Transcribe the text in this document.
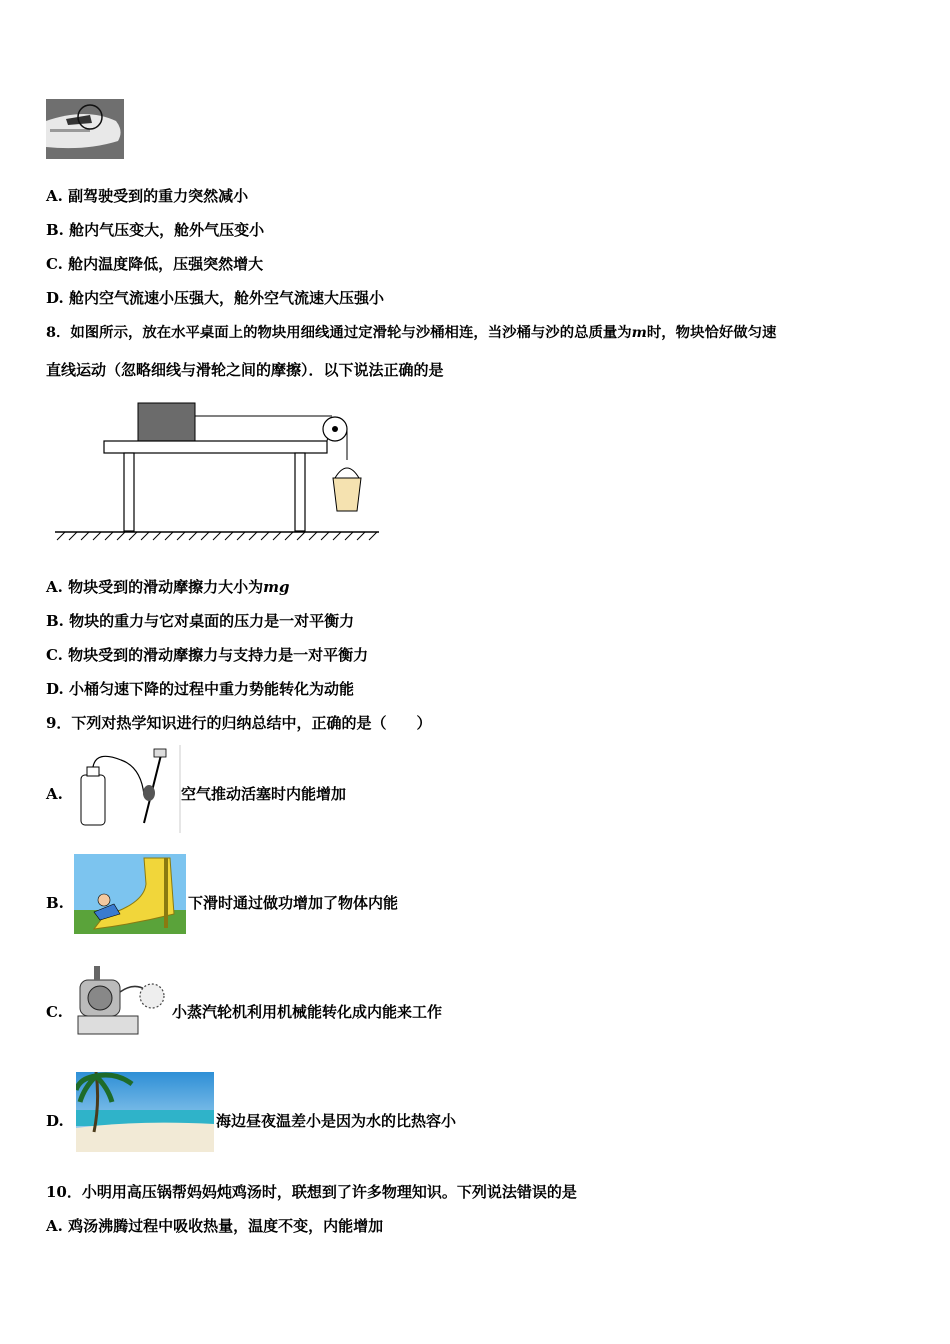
A. 副驾驶受到的重力突然减小
B. 舱内气压变大，舱外气压变小
C. 舱内温度降低，压强突然增大
D. 舱内空气流速小压强大，舱外空气流速大压强小
8．如图所示，放在水平桌面上的物块用细线通过定滑轮与沙桶相连，当沙桶与沙的总质量为m时，物块恰好做匀速
直线运动（忽略细线与滑轮之间的摩擦）．以下说法正确的是
A. 物块受到的滑动摩擦力大小为mg
B. 物块的重力与它对桌面的压力是一对平衡力
C. 物块受到的滑动摩擦力与支持力是一对平衡力
D. 小桶匀速下降的过程中重力势能转化为动能
9．下列对热学知识进行的归纳总结中，正确的是（　　）
A.	空气推动活塞时内能增加
B.	下滑时通过做功增加了物体内能
C.	小蒸汽轮机利用机械能转化成内能来工作
D.	海边昼夜温差小是因为水的比热容小
10．小明用高压锅帮妈妈炖鸡汤时，联想到了许多物理知识。下列说法错误的是
A. 鸡汤沸腾过程中吸收热量，温度不变，内能增加
